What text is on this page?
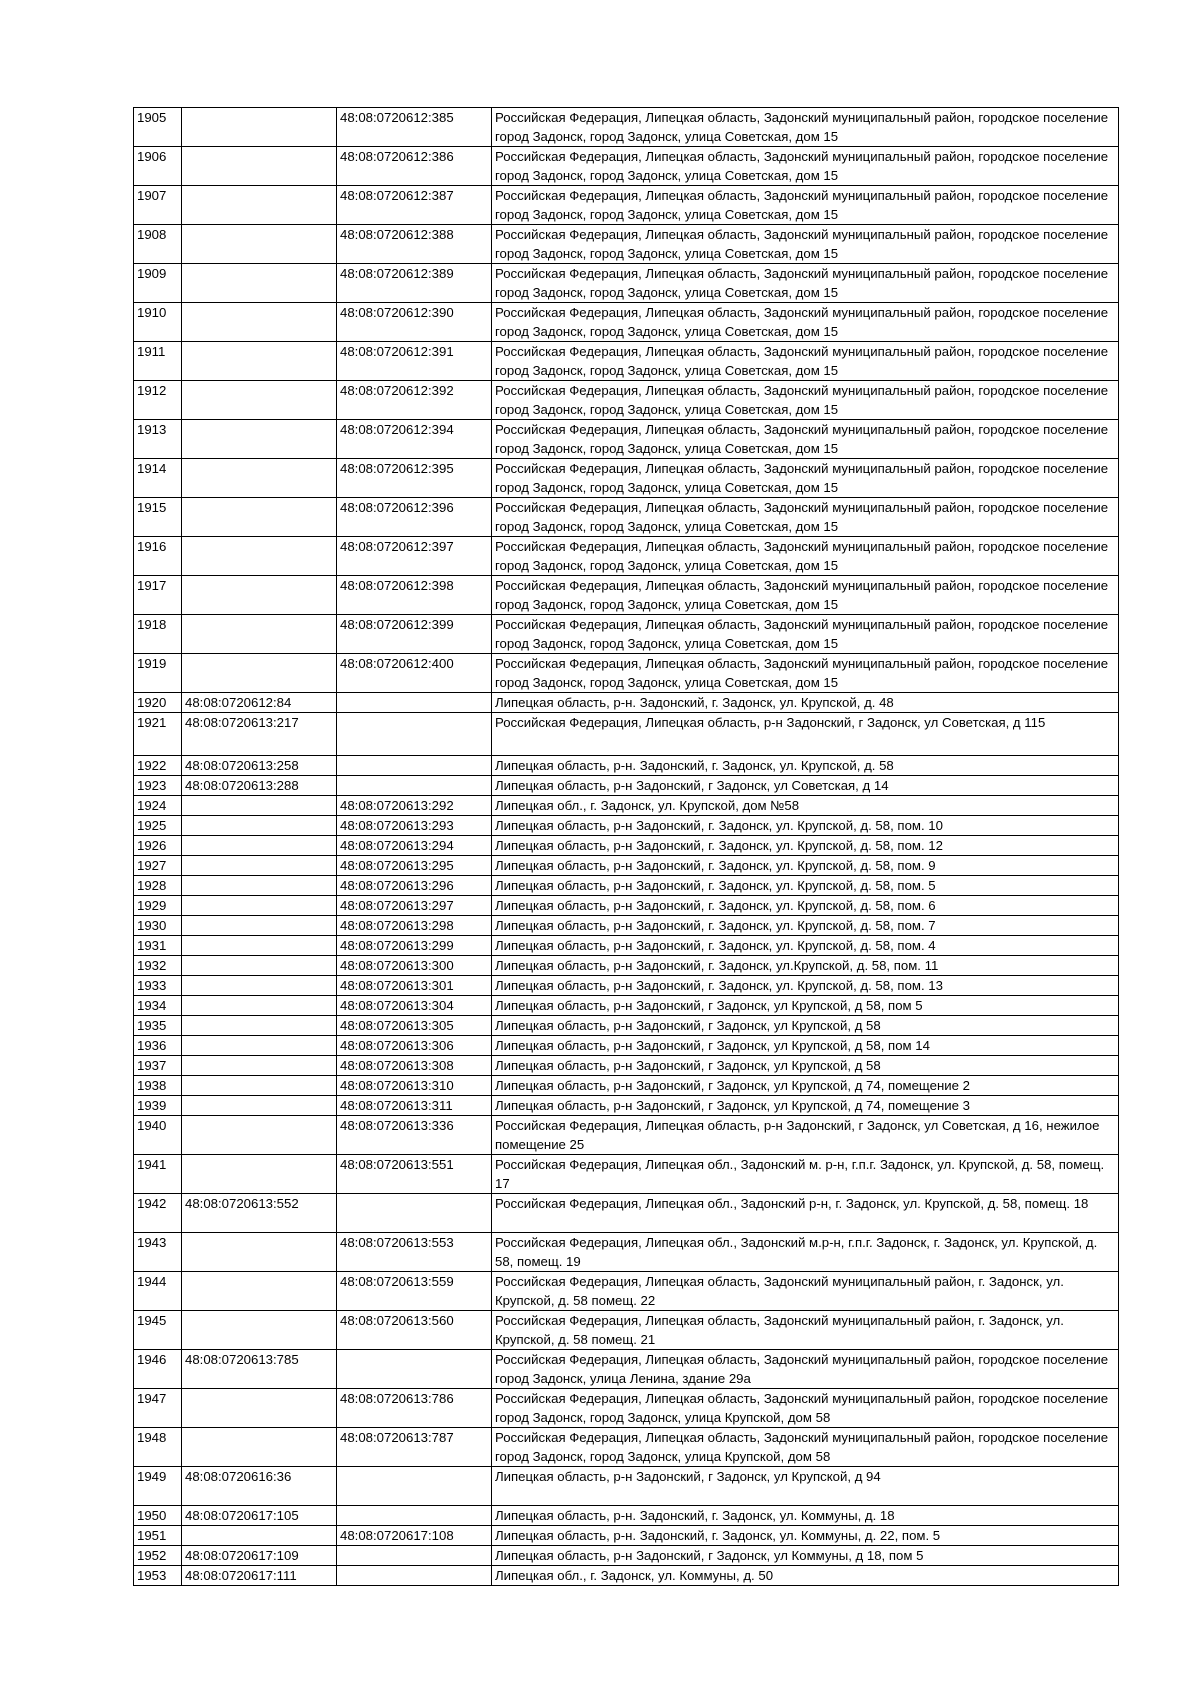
1905		48:08:0720612:385	Российская Федерация, Липецкая область, Задонский муниципальный район, городское поселение город Задонск, город Задонск, улица Советская, дом 15
1906		48:08:0720612:386	Российская Федерация, Липецкая область, Задонский муниципальный район, городское поселение город Задонск, город Задонск, улица Советская, дом 15
1907		48:08:0720612:387	Российская Федерация, Липецкая область, Задонский муниципальный район, городское поселение город Задонск, город Задонск, улица Советская, дом 15
1908		48:08:0720612:388	Российская Федерация, Липецкая область, Задонский муниципальный район, городское поселение город Задонск, город Задонск, улица Советская, дом 15
1909		48:08:0720612:389	Российская Федерация, Липецкая область, Задонский муниципальный район, городское поселение город Задонск, город Задонск, улица Советская, дом 15
1910		48:08:0720612:390	Российская Федерация, Липецкая область, Задонский муниципальный район, городское поселение город Задонск, город Задонск, улица Советская, дом 15
1911		48:08:0720612:391	Российская Федерация, Липецкая область, Задонский муниципальный район, городское поселение город Задонск, город Задонск, улица Советская, дом 15
1912		48:08:0720612:392	Российская Федерация, Липецкая область, Задонский муниципальный район, городское поселение город Задонск, город Задонск, улица Советская, дом 15
1913		48:08:0720612:394	Российская Федерация, Липецкая область, Задонский муниципальный район, городское поселение город Задонск, город Задонск, улица Советская, дом 15
1914		48:08:0720612:395	Российская Федерация, Липецкая область, Задонский муниципальный район, городское поселение город Задонск, город Задонск, улица Советская, дом 15
1915		48:08:0720612:396	Российская Федерация, Липецкая область, Задонский муниципальный район, городское поселение город Задонск, город Задонск, улица Советская, дом 15
1916		48:08:0720612:397	Российская Федерация, Липецкая область, Задонский муниципальный район, городское поселение город Задонск, город Задонск, улица Советская, дом 15
1917		48:08:0720612:398	Российская Федерация, Липецкая область, Задонский муниципальный район, городское поселение город Задонск, город Задонск, улица Советская, дом 15
1918		48:08:0720612:399	Российская Федерация, Липецкая область, Задонский муниципальный район, городское поселение город Задонск, город Задонск, улица Советская, дом 15
1919		48:08:0720612:400	Российская Федерация, Липецкая область, Задонский муниципальный район, городское поселение город Задонск, город Задонск, улица Советская, дом 15
1920	48:08:0720612:84		Липецкая область, р-н. Задонский, г. Задонск, ул. Крупской, д. 48
1921	48:08:0720613:217		Российская Федерация, Липецкая область, р-н Задонский, г Задонск, ул Советская, д 115
1922	48:08:0720613:258		Липецкая область, р-н. Задонский, г. Задонск, ул. Крупской, д. 58
1923	48:08:0720613:288		Липецкая область, р-н Задонский, г Задонск, ул Советская, д 14
1924		48:08:0720613:292	Липецкая обл., г. Задонск, ул. Крупской, дом №58
1925		48:08:0720613:293	Липецкая область, р-н Задонский, г. Задонск, ул. Крупской, д. 58, пом. 10
1926		48:08:0720613:294	Липецкая область, р-н Задонский, г. Задонск, ул. Крупской, д. 58, пом. 12
1927		48:08:0720613:295	Липецкая область, р-н Задонский, г. Задонск, ул. Крупской, д. 58, пом. 9
1928		48:08:0720613:296	Липецкая область, р-н Задонский, г. Задонск, ул. Крупской, д. 58, пом. 5
1929		48:08:0720613:297	Липецкая область, р-н Задонский, г. Задонск, ул. Крупской, д. 58, пом. 6
1930		48:08:0720613:298	Липецкая область, р-н Задонский, г. Задонск, ул. Крупской, д. 58, пом. 7
1931		48:08:0720613:299	Липецкая область, р-н Задонский, г. Задонск, ул. Крупской, д. 58, пом. 4
1932		48:08:0720613:300	Липецкая область, р-н Задонский, г. Задонск, ул.Крупской, д. 58, пом. 11
1933		48:08:0720613:301	Липецкая область, р-н Задонский, г. Задонск, ул. Крупской, д. 58, пом. 13
1934		48:08:0720613:304	Липецкая область, р-н Задонский, г Задонск, ул Крупской, д 58, пом 5
1935		48:08:0720613:305	Липецкая область, р-н Задонский, г Задонск, ул Крупской, д 58
1936		48:08:0720613:306	Липецкая область, р-н Задонский, г Задонск, ул Крупской, д 58, пом 14
1937		48:08:0720613:308	Липецкая область, р-н Задонский, г Задонск, ул Крупской, д 58
1938		48:08:0720613:310	Липецкая область, р-н Задонский, г Задонск, ул Крупской, д 74, помещение 2
1939		48:08:0720613:311	Липецкая область, р-н Задонский, г Задонск, ул Крупской, д 74, помещение 3
1940		48:08:0720613:336	Российская Федерация, Липецкая область, р-н Задонский, г Задонск, ул Советская, д 16, нежилое помещение 25
1941		48:08:0720613:551	Российская Федерация, Липецкая обл., Задонский м. р-н, г.п.г. Задонск, ул. Крупской, д. 58, помещ. 17
1942	48:08:0720613:552		Российская Федерация, Липецкая обл., Задонский р-н, г. Задонск, ул. Крупской, д. 58, помещ. 18
1943		48:08:0720613:553	Российская Федерация, Липецкая обл., Задонский м.р-н, г.п.г. Задонск, г. Задонск, ул. Крупской, д. 58, помещ. 19
1944		48:08:0720613:559	Российская Федерация, Липецкая область, Задонский муниципальный район, г. Задонск, ул. Крупской, д. 58 помещ. 22
1945		48:08:0720613:560	Российская Федерация, Липецкая область, Задонский муниципальный район, г. Задонск, ул. Крупской, д. 58 помещ. 21
1946	48:08:0720613:785		Российская Федерация, Липецкая область, Задонский муниципальный район, городское поселение город Задонск, улица Ленина, здание 29а
1947		48:08:0720613:786	Российская Федерация, Липецкая область, Задонский муниципальный район, городское поселение город Задонск, город Задонск, улица Крупской, дом 58
1948		48:08:0720613:787	Российская Федерация, Липецкая область, Задонский муниципальный район, городское поселение город Задонск, город Задонск, улица Крупской, дом 58
1949	48:08:0720616:36		Липецкая область, р-н Задонский, г Задонск, ул Крупской, д 94
1950	48:08:0720617:105		Липецкая область, р-н. Задонский, г. Задонск, ул. Коммуны, д. 18
1951		48:08:0720617:108	Липецкая область, р-н. Задонский, г. Задонск, ул. Коммуны, д. 22, пом. 5
1952	48:08:0720617:109		Липецкая область, р-н Задонский, г Задонск, ул Коммуны, д 18, пом 5
1953	48:08:0720617:111		Липецкая обл., г. Задонск, ул. Коммуны, д. 50
